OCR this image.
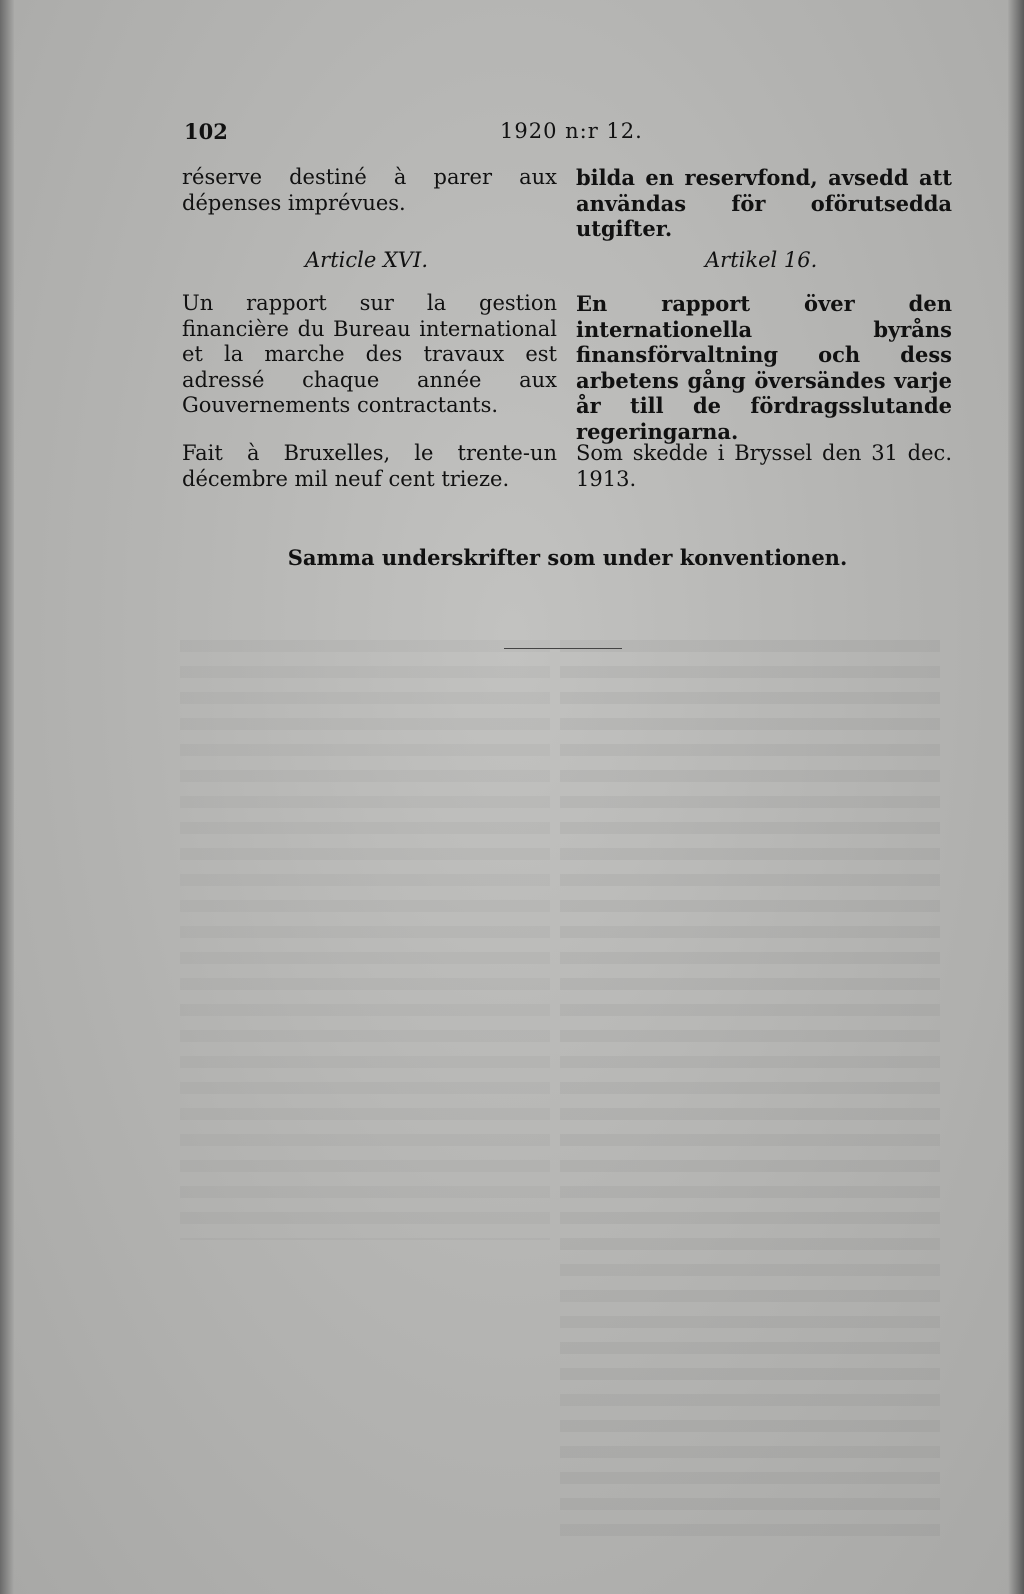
102	1920 n:r 12.

réserve destiné à parer aux dépenses imprévues.

Article XVI.

Un rapport sur la gestion financière du Bureau international et la marche des travaux est adressé chaque année aux Gouvernements contractants.

Fait à Bruxelles, le trente-un décembre mil neuf cent trieze.

bilda en reservfond, avsedd att användas för oförutsedda utgifter.

Artikel 16.

En rapport över den internationella byråns finansförvaltning och dess arbetens gång översändes varje år till de fördragsslutande regeringarna.

Som skedde i Bryssel den 31 dec. 1913.

Samma underskrifter som under konventionen.
